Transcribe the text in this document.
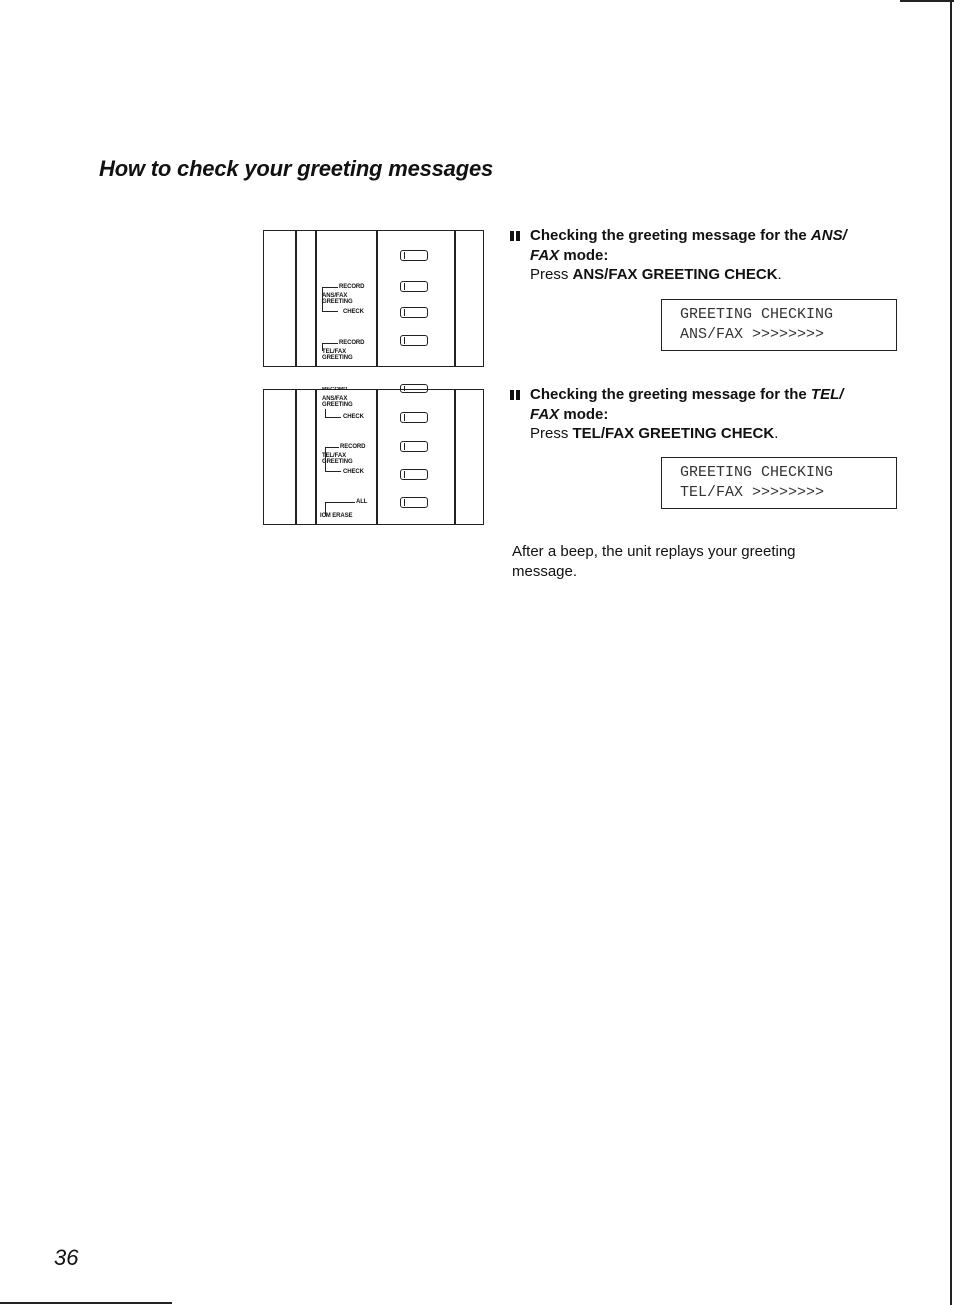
How to check your greeting messages
RECORD
ANS/FAX
GREETING
CHECK
RECORD
TEL/FAX
GREETING
RECORD
ANS/FAX
GREETING
CHECK
RECORD
TEL/FAX
GREETING
CHECK
ALL
ICM ERASE

Checking the greeting message for the ANS/
FAX mode:

Press ANS/FAX GREETING CHECK.

GREETING CHECKING
ANS/FAX >>>>>>>>

Checking the greeting message for the TEL/
FAX mode:

Press TEL/FAX GREETING CHECK.

GREETING CHECKING
TEL/FAX >>>>>>>>

After a beep, the unit replays your greeting message.

36
